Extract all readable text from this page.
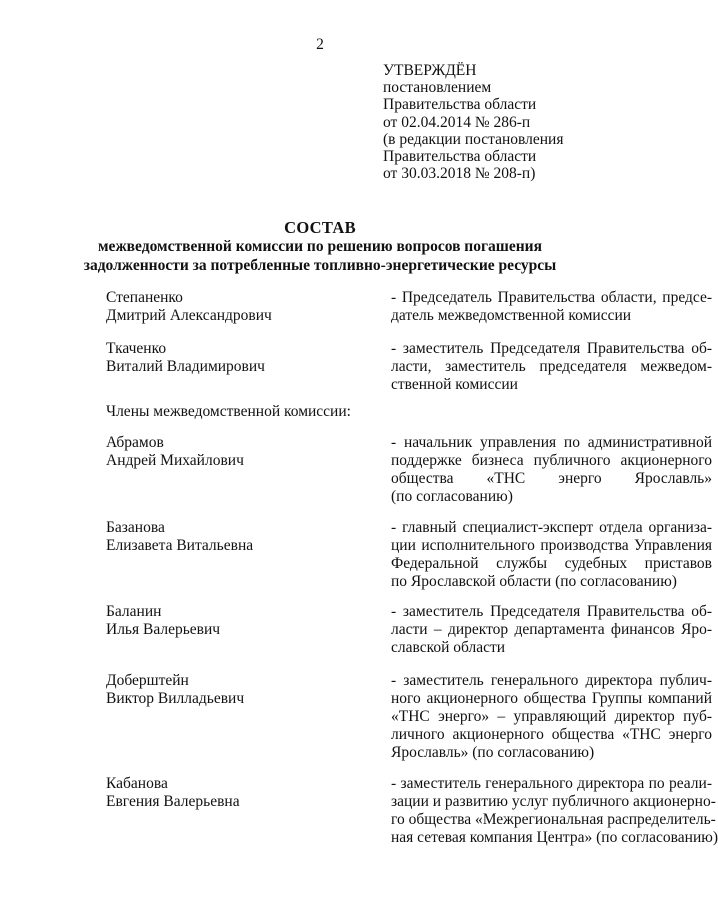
2
УТВЕРЖДЁН
постановлением
Правительства области
от 02.04.2014 № 286-п
(в редакции постановления
Правительства области
от 30.03.2018 № 208-п)
СОСТАВ
межведомственной комиссии по решению вопросов погашения
задолженности за потребленные топливно-энергетические ресурсы
Степаненко
Дмитрий Александрович
- Председатель Правительства области, предсе-
датель межведомственной комиссии
Ткаченко
Виталий Владимирович
- заместитель Председателя Правительства об-
ласти, заместитель председателя межведом-
ственной комиссии
Члены межведомственной комиссии:
Абрамов
Андрей Михайлович
- начальник управления по административной
поддержке бизнеса публичного акционерного
общества «ТНС энерго Ярославль»
(по согласованию)
Базанова
Елизавета Витальевна
- главный специалист-эксперт отдела организа-
ции исполнительного производства Управления
Федеральной службы судебных приставов
по Ярославской области (по согласованию)
Баланин
Илья Валерьевич
- заместитель Председателя Правительства об-
ласти – директор департамента финансов Яро-
славской области
Доберштейн
Виктор Вилладьевич
- заместитель генерального директора публич-
ного акционерного общества Группы компаний
«ТНС энерго» – управляющий директор пуб-
личного акционерного общества «ТНС энерго
Ярославль» (по согласованию)
Кабанова
Евгения Валерьевна
- заместитель генерального директора по реали-
зации и развитию услуг публичного акционерно-
го общества «Межрегиональная распределитель-
ная сетевая компания Центра» (по согласованию)
